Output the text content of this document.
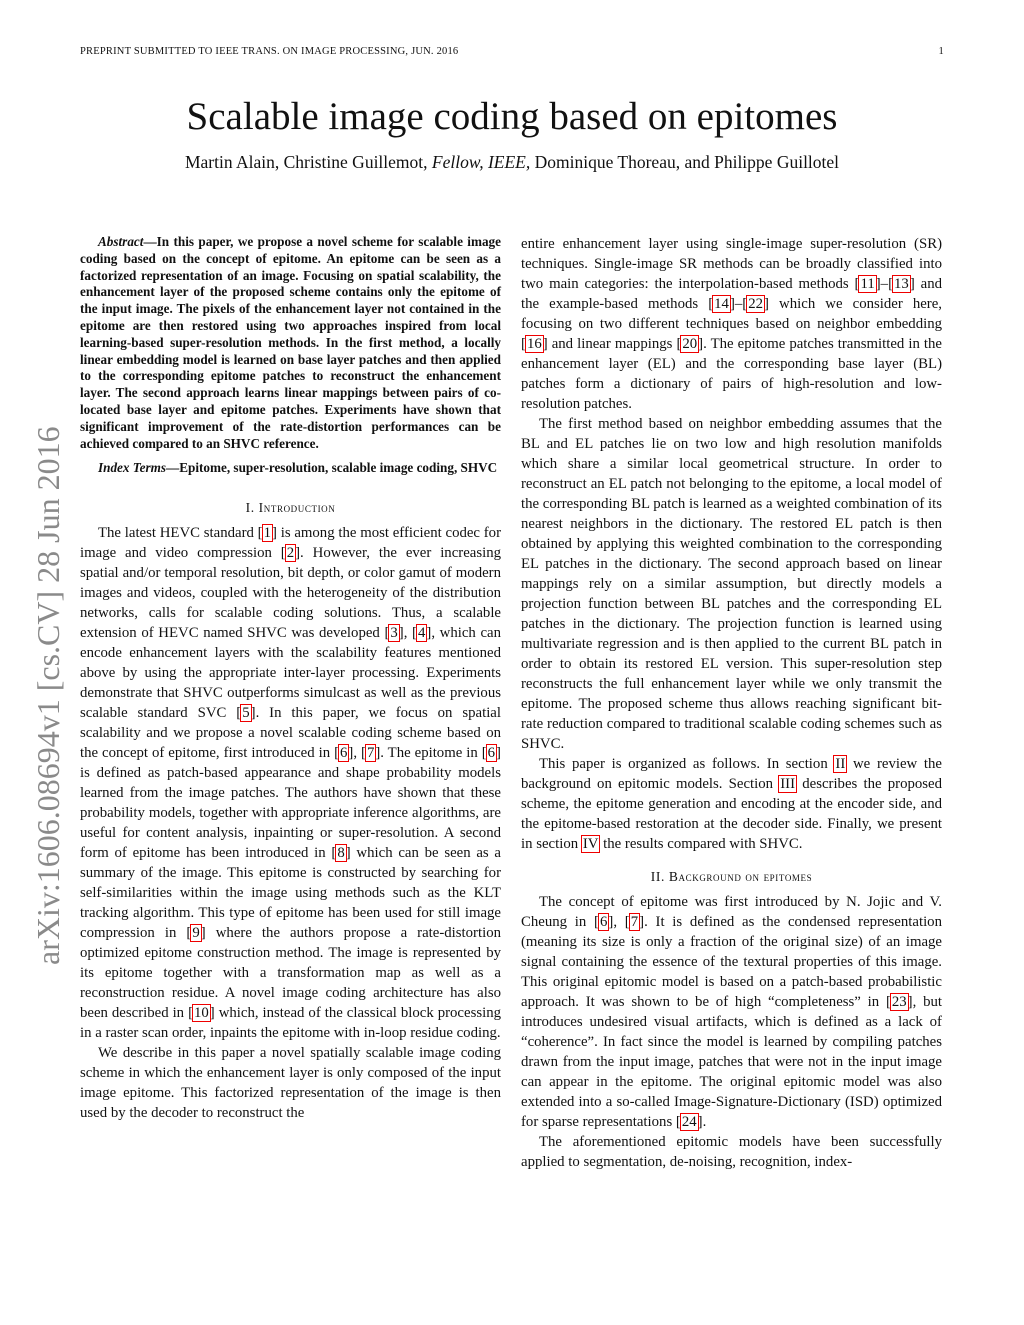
PREPRINT SUBMITTED TO IEEE TRANS. ON IMAGE PROCESSING, JUN. 2016	1
arXiv:1606.08694v1 [cs.CV] 28 Jun 2016
Scalable image coding based on epitomes
Martin Alain, Christine Guillemot, Fellow, IEEE, Dominique Thoreau, and Philippe Guillotel

Abstract—In this paper, we propose a novel scheme for scalable image coding based on the concept of epitome. An epitome can be seen as a factorized representation of an image. Focusing on spatial scalability, the enhancement layer of the proposed scheme contains only the epitome of the input image. The pixels of the enhancement layer not contained in the epitome are then restored using two approaches inspired from local learning-based super-resolution methods. In the first method, a locally linear embedding model is learned on base layer patches and then applied to the corresponding epitome patches to reconstruct the enhancement layer. The second approach learns linear mappings between pairs of co-located base layer and epitome patches. Experiments have shown that significant improvement of the rate-distortion performances can be achieved compared to an SHVC reference.

Index Terms—Epitome, super-resolution, scalable image coding, SHVC

I. Introduction

The latest HEVC standard [1] is among the most efficient codec for image and video compression [2]. However, the ever increasing spatial and/or temporal resolution, bit depth, or color gamut of modern images and videos, coupled with the heterogeneity of the distribution networks, calls for scalable coding solutions. Thus, a scalable extension of HEVC named SHVC was developed [3], [4], which can encode enhancement layers with the scalability features mentioned above by using the appropriate inter-layer processing. Experiments demonstrate that SHVC outperforms simulcast as well as the previous scalable standard SVC [5]. In this paper, we focus on spatial scalability and we propose a novel scalable coding scheme based on the concept of epitome, first introduced in [6], [7]. The epitome in [6] is defined as patch-based appearance and shape probability models learned from the image patches. The authors have shown that these probability models, together with appropriate inference algorithms, are useful for content analysis, inpainting or super-resolution. A second form of epitome has been introduced in [8] which can be seen as a summary of the image. This epitome is constructed by searching for self-similarities within the image using methods such as the KLT tracking algorithm. This type of epitome has been used for still image compression in [9] where the authors propose a rate-distortion optimized epitome construction method. The image is represented by its epitome together with a transformation map as well as a reconstruction residue. A novel image coding architecture has also been described in [10] which, instead of the classical block processing in a raster scan order, inpaints the epitome with in-loop residue coding.

We describe in this paper a novel spatially scalable image coding scheme in which the enhancement layer is only composed of the input image epitome. This factorized representation of the image is then used by the decoder to reconstruct the

entire enhancement layer using single-image super-resolution (SR) techniques. Single-image SR methods can be broadly classified into two main categories: the interpolation-based methods [11]–[13] and the example-based methods [14]–[22] which we consider here, focusing on two different techniques based on neighbor embedding [16] and linear mappings [20]. The epitome patches transmitted in the enhancement layer (EL) and the corresponding base layer (BL) patches form a dictionary of pairs of high-resolution and low-resolution patches.

The first method based on neighbor embedding assumes that the BL and EL patches lie on two low and high resolution manifolds which share a similar local geometrical structure. In order to reconstruct an EL patch not belonging to the epitome, a local model of the corresponding BL patch is learned as a weighted combination of its nearest neighbors in the dictionary. The restored EL patch is then obtained by applying this weighted combination to the corresponding EL patches in the dictionary. The second approach based on linear mappings rely on a similar assumption, but directly models a projection function between BL patches and the corresponding EL patches in the dictionary. The projection function is learned using multivariate regression and is then applied to the current BL patch in order to obtain its restored EL version. This super-resolution step reconstructs the full enhancement layer while we only transmit the epitome. The proposed scheme thus allows reaching significant bit-rate reduction compared to traditional scalable coding schemes such as SHVC.

This paper is organized as follows. In section II we review the background on epitomic models. Section III describes the proposed scheme, the epitome generation and encoding at the encoder side, and the epitome-based restoration at the decoder side. Finally, we present in section IV the results compared with SHVC.

II. Background on epitomes

The concept of epitome was first introduced by N. Jojic and V. Cheung in [6], [7]. It is defined as the condensed representation (meaning its size is only a fraction of the original size) of an image signal containing the essence of the textural properties of this image. This original epitomic model is based on a patch-based probabilistic approach. It was shown to be of high “completeness” in [23], but introduces undesired visual artifacts, which is defined as a lack of “coherence”. In fact since the model is learned by compiling patches drawn from the input image, patches that were not in the input image can appear in the epitome. The original epitomic model was also extended into a so-called Image-Signature-Dictionary (ISD) optimized for sparse representations [24].

The aforementioned epitomic models have been successfully applied to segmentation, de-noising, recognition, index-
